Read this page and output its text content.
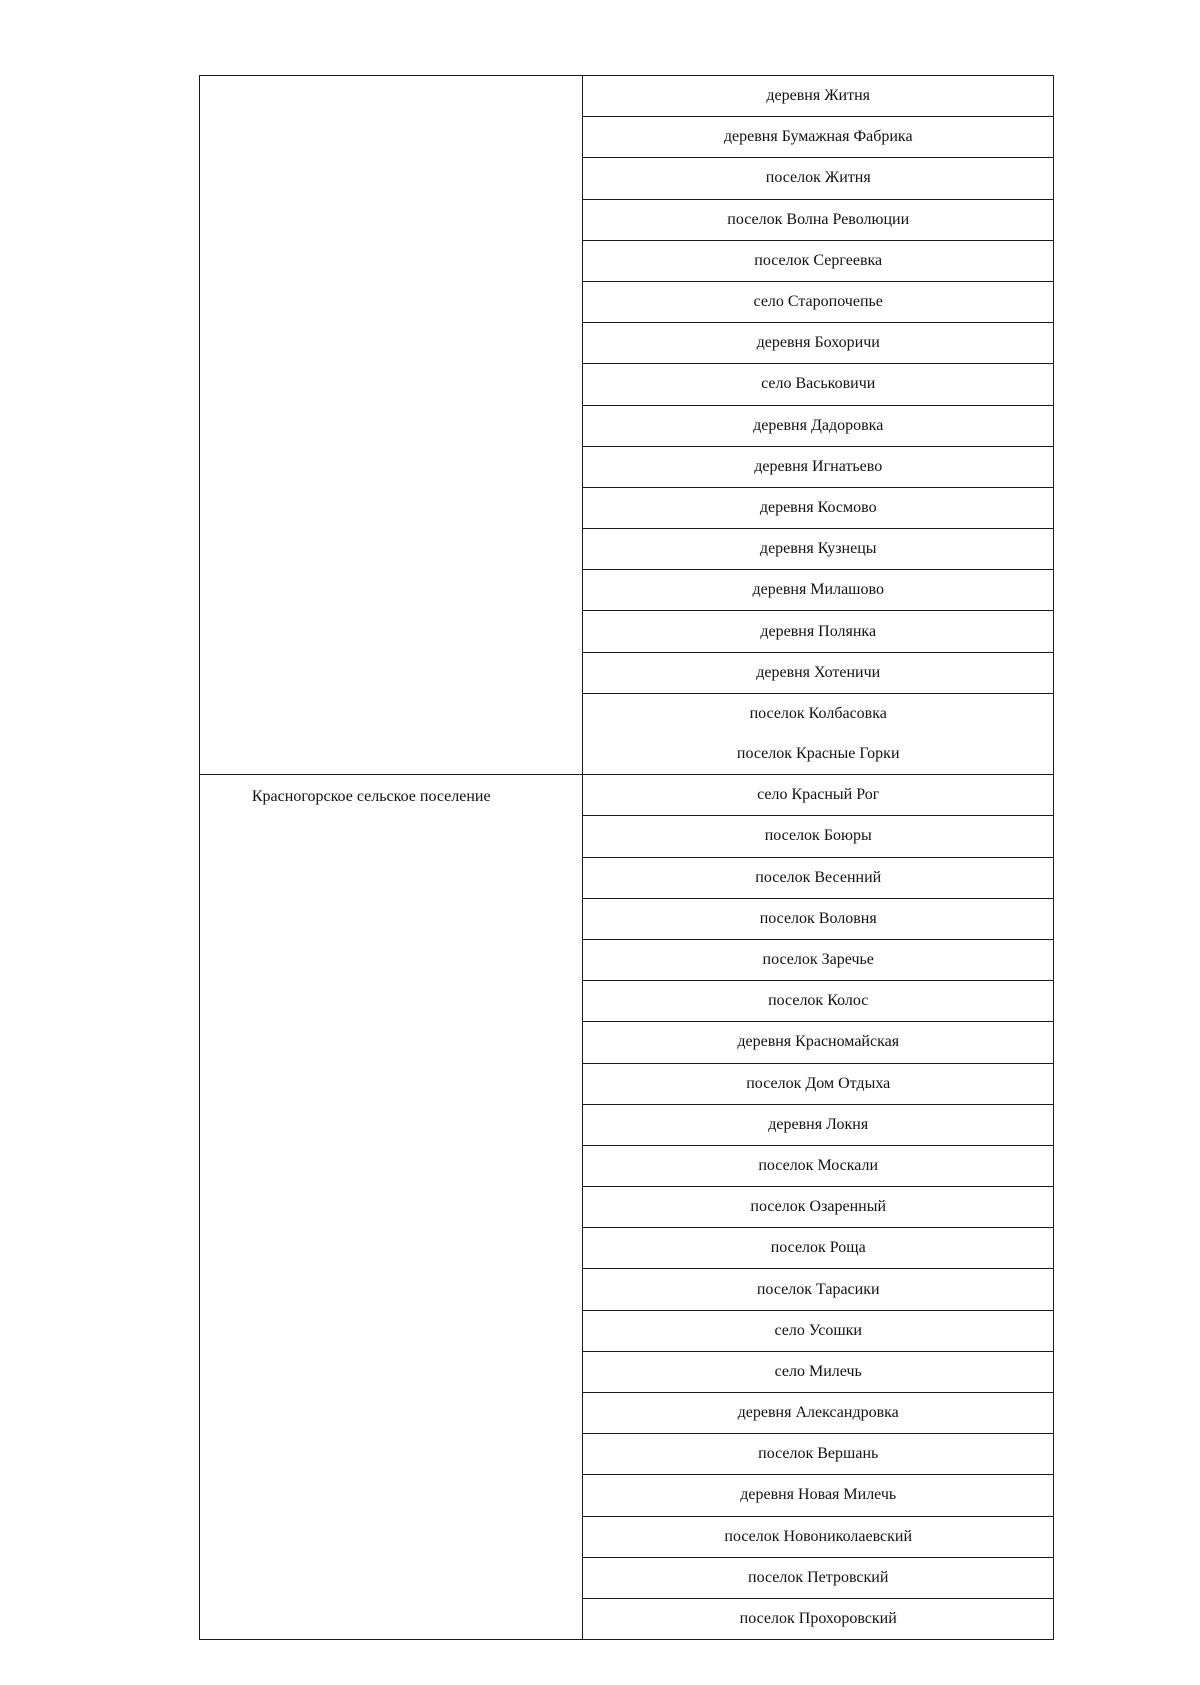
	деревня Житня
	деревня Бумажная Фабрика
	поселок Житня
	поселок Волна Революции
	поселок Сергеевка
	село Старопочепье
	деревня Бохоричи
	село Васьковичи
	деревня Дадоровка
	деревня Игнатьево
	деревня Космово
	деревня Кузнецы
	деревня Милашово
	деревня Полянка
	деревня Хотеничи
	поселок Колбасовка
	поселок Красные Горки

Красногорское сельское поселение	село Красный Рог
	поселок Боюры
	поселок Весенний
	поселок Воловня
	поселок Заречье
	поселок Колос
	деревня Красномайская
	поселок Дом Отдыха
	деревня Локня
	поселок Москали
	поселок Озаренный
	поселок Роща
	поселок Тарасики
	село Усошки
	село Милечь
	деревня Александровка
	поселок Вершань
	деревня Новая Милечь
	поселок Новониколаевский
	поселок Петровский
	поселок Прохоровский
